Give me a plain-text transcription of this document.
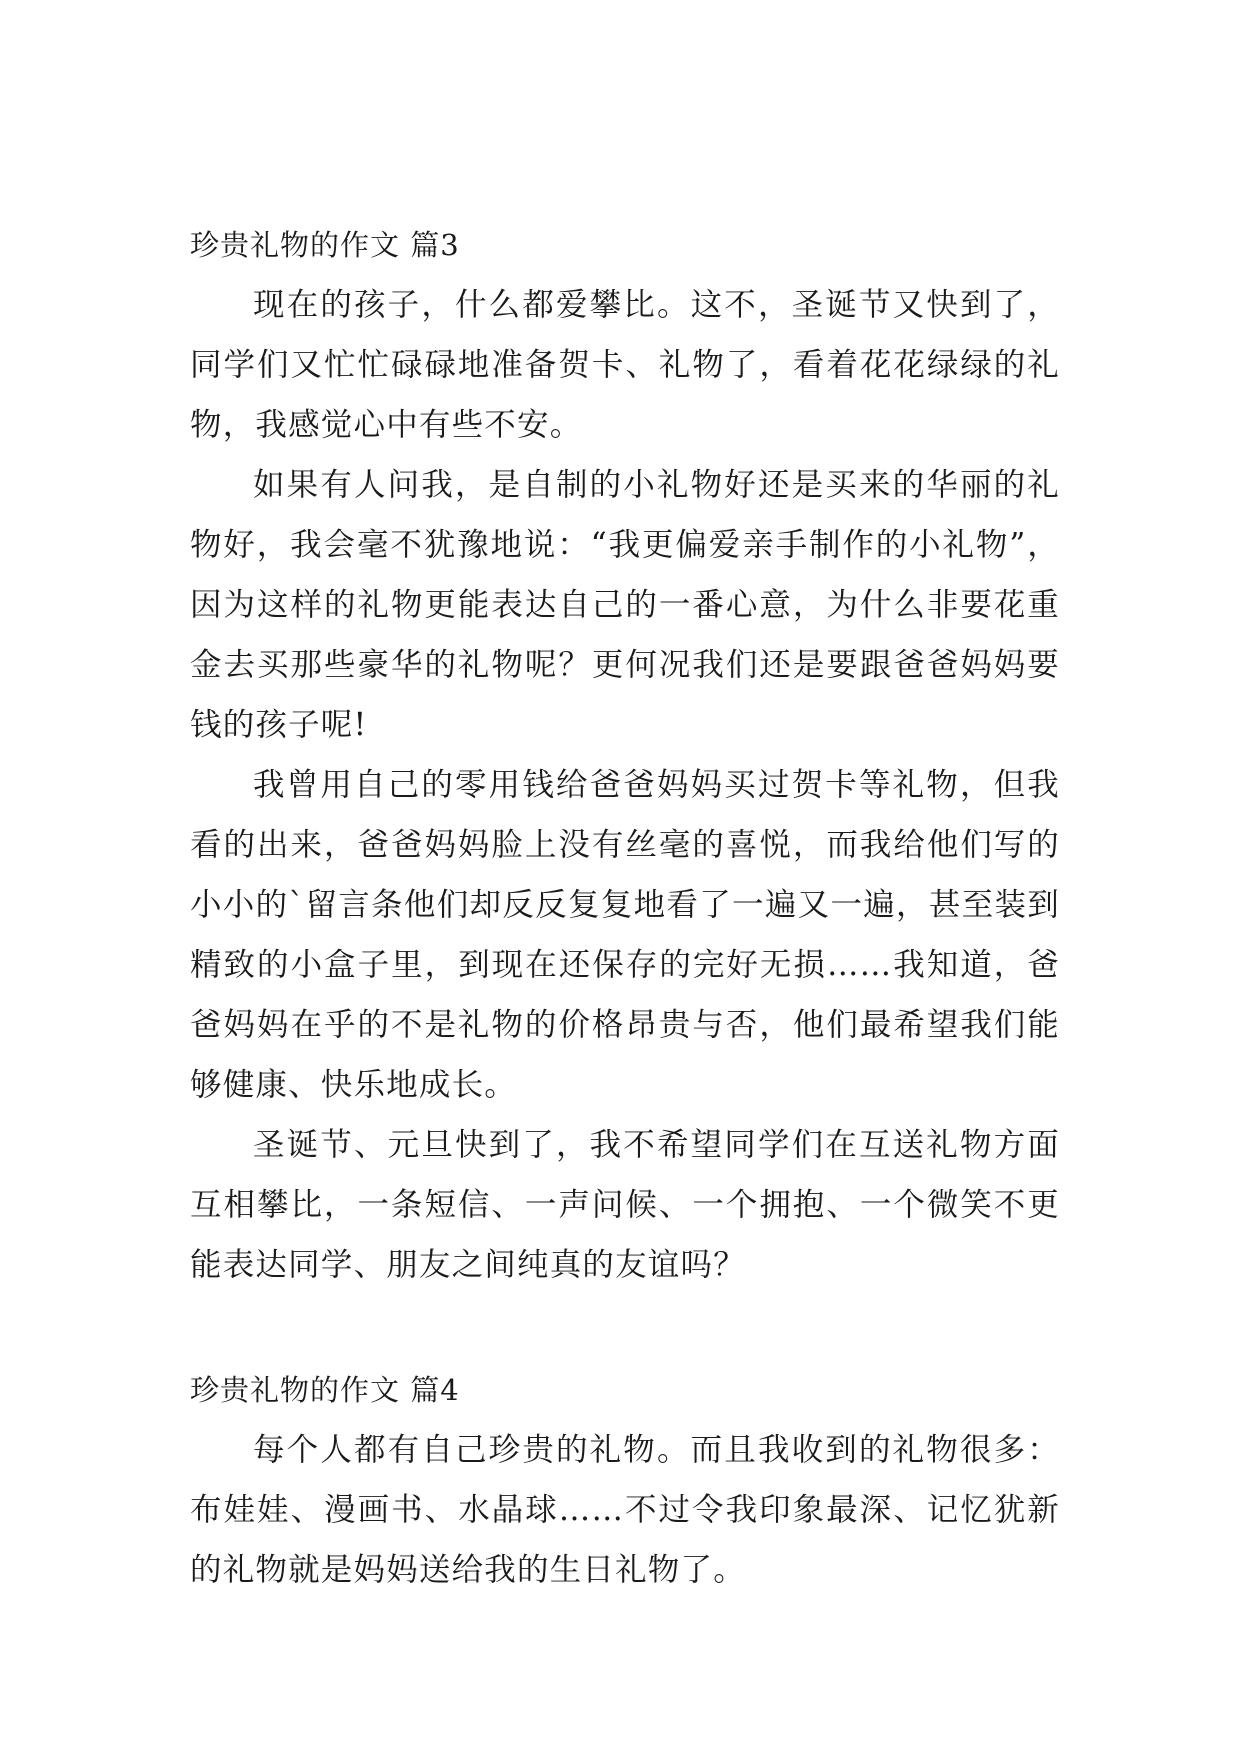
珍贵礼物的作文 篇3

现在的孩子，什么都爱攀比。这不，圣诞节又快到了，同学们又忙忙碌碌地准备贺卡、礼物了，看着花花绿绿的礼物，我感觉心中有些不安。

如果有人问我，是自制的小礼物好还是买来的华丽的礼物好，我会毫不犹豫地说：“我更偏爱亲手制作的小礼物”，因为这样的礼物更能表达自己的一番心意，为什么非要花重金去买那些豪华的礼物呢？更何况我们还是要跟爸爸妈妈要钱的孩子呢!

我曾用自己的零用钱给爸爸妈妈买过贺卡等礼物，但我看的出来，爸爸妈妈脸上没有丝毫的喜悦，而我给他们写的小小的`留言条他们却反反复复地看了一遍又一遍，甚至装到精致的小盒子里，到现在还保存的完好无损……我知道，爸爸妈妈在乎的不是礼物的价格昂贵与否，他们最希望我们能够健康、快乐地成长。

圣诞节、元旦快到了，我不希望同学们在互送礼物方面互相攀比，一条短信、一声问候、一个拥抱、一个微笑不更能表达同学、朋友之间纯真的友谊吗？

珍贵礼物的作文 篇4

每个人都有自己珍贵的礼物。而且我收到的礼物很多：布娃娃、漫画书、水晶球……不过令我印象最深、记忆犹新的礼物就是妈妈送给我的生日礼物了。
